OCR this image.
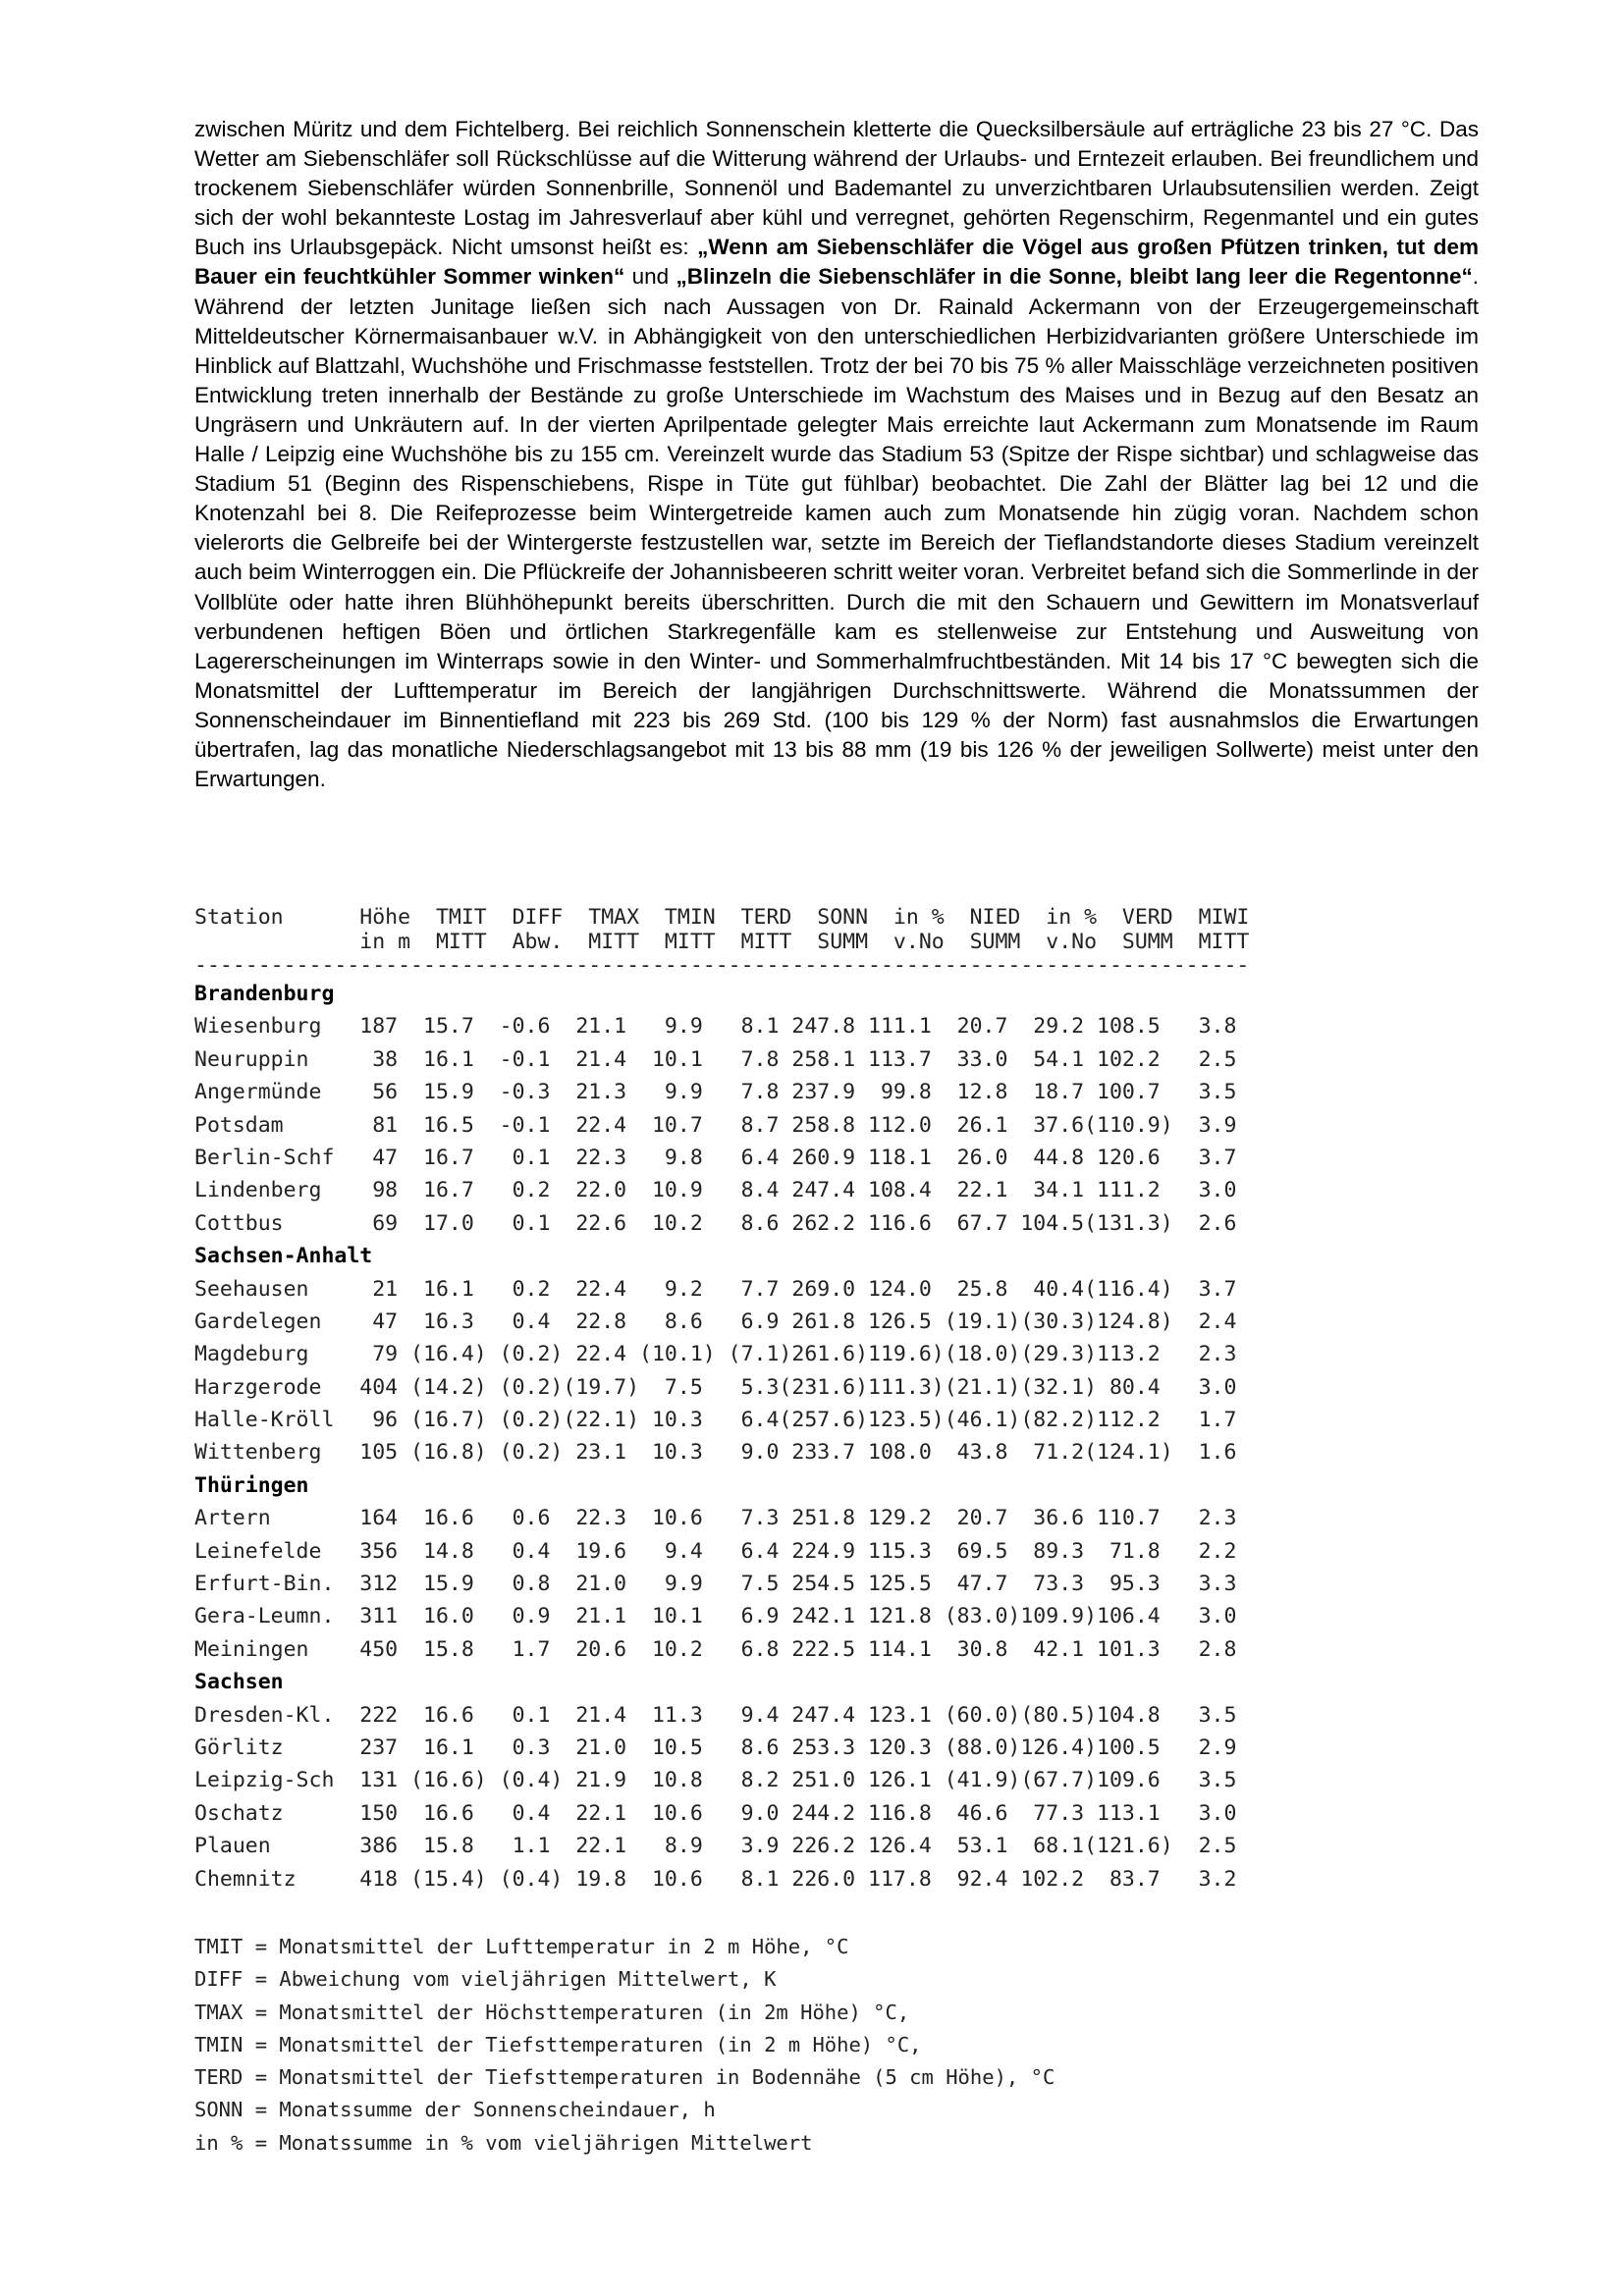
zwischen Müritz und dem Fichtelberg. Bei reichlich Sonnenschein kletterte die Quecksilbersäule auf erträgliche 23 bis 27 °C. Das Wetter am Siebenschläfer soll Rückschlüsse auf die Witterung während der Urlaubs- und Erntezeit erlauben. Bei freundlichem und trockenem Siebenschläfer würden Sonnenbrille, Sonnenöl und Bademantel zu unverzichtbaren Urlaubsutensilien werden. Zeigt sich der wohl bekannteste Lostag im Jahresverlauf aber kühl und verregnet, gehörten Regenschirm, Regenmantel und ein gutes Buch ins Urlaubsgepäck. Nicht umsonst heißt es: „Wenn am Siebenschläfer die Vögel aus großen Pfützen trinken, tut dem Bauer ein feuchtkühler Sommer winken“ und „Blinzeln die Siebenschläfer in die Sonne, bleibt lang leer die Regentonne“. Während der letzten Junitage ließen sich nach Aussagen von Dr. Rainald Ackermann von der Erzeugergemeinschaft Mitteldeutscher Körnermaisanbauer w.V. in Abhängigkeit von den unterschiedlichen Herbizidvarianten größere Unterschiede im Hinblick auf Blattzahl, Wuchshöhe und Frischmasse feststellen. Trotz der bei 70 bis 75 % aller Maisschläge verzeichneten positiven Entwicklung treten innerhalb der Bestände zu große Unterschiede im Wachstum des Maises und in Bezug auf den Besatz an Ungräsern und Unkräutern auf. In der vierten Aprilpentade gelegter Mais erreichte laut Ackermann zum Monatsende im Raum Halle / Leipzig eine Wuchshöhe bis zu 155 cm. Vereinzelt wurde das Stadium 53 (Spitze der Rispe sichtbar) und schlagweise das Stadium 51 (Beginn des Rispenschiebens, Rispe in Tüte gut fühlbar) beobachtet. Die Zahl der Blätter lag bei 12 und die Knotenzahl bei 8. Die Reifeprozesse beim Wintergetreide kamen auch zum Monatsende hin zügig voran. Nachdem schon vielerorts die Gelbreife bei der Wintergerste festzustellen war, setzte im Bereich der Tieflandstandorte dieses Stadium vereinzelt auch beim Winterroggen ein. Die Pflückreife der Johannisbeeren schritt weiter voran. Verbreitet befand sich die Sommerlinde in der Vollblüte oder hatte ihren Blühhöhepunkt bereits überschritten. Durch die mit den Schauern und Gewittern im Monatsverlauf verbundenen heftigen Böen und örtlichen Starkregenfälle kam es stellenweise zur Entstehung und Ausweitung von Lagererscheinungen im Winterraps sowie in den Winter- und Sommerhalmfruchtbeständen. Mit 14 bis 17 °C bewegten sich die Monatsmittel der Lufttemperatur im Bereich der langjährigen Durchschnittswerte. Während die Monatssummen der Sonnenscheindauer im Binnentiefland mit 223 bis 269 Std. (100 bis 129 % der Norm) fast ausnahmslos die Erwartungen übertrafen, lag das monatliche Niederschlagsangebot mit 13 bis 88 mm (19 bis 126 % der jeweiligen Sollwerte) meist unter den Erwartungen.

Station      Höhe  TMIT  DIFF  TMAX  TMIN  TERD  SONN  in %  NIED  in %  VERD  MIWI
in m  MITT  Abw.  MITT  MITT  MITT  SUMM  v.No  SUMM  v.No  SUMM  MITT
-----------------------------------------------------------------------------------
Brandenburg
Wiesenburg   187  15.7  -0.6  21.1   9.9   8.1 247.8 111.1  20.7  29.2 108.5   3.8
Neuruppin     38  16.1  -0.1  21.4  10.1   7.8 258.1 113.7  33.0  54.1 102.2   2.5
Angermünde    56  15.9  -0.3  21.3   9.9   7.8 237.9  99.8  12.8  18.7 100.7   3.5
Potsdam       81  16.5  -0.1  22.4  10.7   8.7 258.8 112.0  26.1  37.6(110.9)  3.9
Berlin-Schf   47  16.7   0.1  22.3   9.8   6.4 260.9 118.1  26.0  44.8 120.6   3.7
Lindenberg    98  16.7   0.2  22.0  10.9   8.4 247.4 108.4  22.1  34.1 111.2   3.0
Cottbus       69  17.0   0.1  22.6  10.2   8.6 262.2 116.6  67.7 104.5(131.3)  2.6
Sachsen-Anhalt
Seehausen     21  16.1   0.2  22.4   9.2   7.7 269.0 124.0  25.8  40.4(116.4)  3.7
Gardelegen    47  16.3   0.4  22.8   8.6   6.9 261.8 126.5 (19.1)(30.3)124.8)  2.4
Magdeburg     79 (16.4) (0.2) 22.4 (10.1) (7.1)261.6)119.6)(18.0)(29.3)113.2   2.3
Harzgerode   404 (14.2) (0.2)(19.7)  7.5   5.3(231.6)111.3)(21.1)(32.1) 80.4   3.0
Halle-Kröll   96 (16.7) (0.2)(22.1) 10.3   6.4(257.6)123.5)(46.1)(82.2)112.2   1.7
Wittenberg   105 (16.8) (0.2) 23.1  10.3   9.0 233.7 108.0  43.8  71.2(124.1)  1.6
Thüringen
Artern       164  16.6   0.6  22.3  10.6   7.3 251.8 129.2  20.7  36.6 110.7   2.3
Leinefelde   356  14.8   0.4  19.6   9.4   6.4 224.9 115.3  69.5  89.3  71.8   2.2
Erfurt-Bin.  312  15.9   0.8  21.0   9.9   7.5 254.5 125.5  47.7  73.3  95.3   3.3
Gera-Leumn.  311  16.0   0.9  21.1  10.1   6.9 242.1 121.8 (83.0)109.9)106.4   3.0
Meiningen    450  15.8   1.7  20.6  10.2   6.8 222.5 114.1  30.8  42.1 101.3   2.8
Sachsen
Dresden-Kl.  222  16.6   0.1  21.4  11.3   9.4 247.4 123.1 (60.0)(80.5)104.8   3.5
Görlitz      237  16.1   0.3  21.0  10.5   8.6 253.3 120.3 (88.0)126.4)100.5   2.9
Leipzig-Sch  131 (16.6) (0.4) 21.9  10.8   8.2 251.0 126.1 (41.9)(67.7)109.6   3.5
Oschatz      150  16.6   0.4  22.1  10.6   9.0 244.2 116.8  46.6  77.3 113.1   3.0
Plauen       386  15.8   1.1  22.1   8.9   3.9 226.2 126.4  53.1  68.1(121.6)  2.5
Chemnitz     418 (15.4) (0.4) 19.8  10.6   8.1 226.0 117.8  92.4 102.2  83.7   3.2
TMIT = Monatsmittel der Lufttemperatur in 2 m Höhe, °C
DIFF = Abweichung vom vieljährigen Mittelwert, K
TMAX = Monatsmittel der Höchsttemperaturen (in 2m Höhe) °C,
TMIN = Monatsmittel der Tiefsttemperaturen (in 2 m Höhe) °C,
TERD = Monatsmittel der Tiefsttemperaturen in Bodennähe (5 cm Höhe), °C
SONN = Monatssumme der Sonnenscheindauer, h
in % = Monatssumme in % vom vieljährigen Mittelwert
